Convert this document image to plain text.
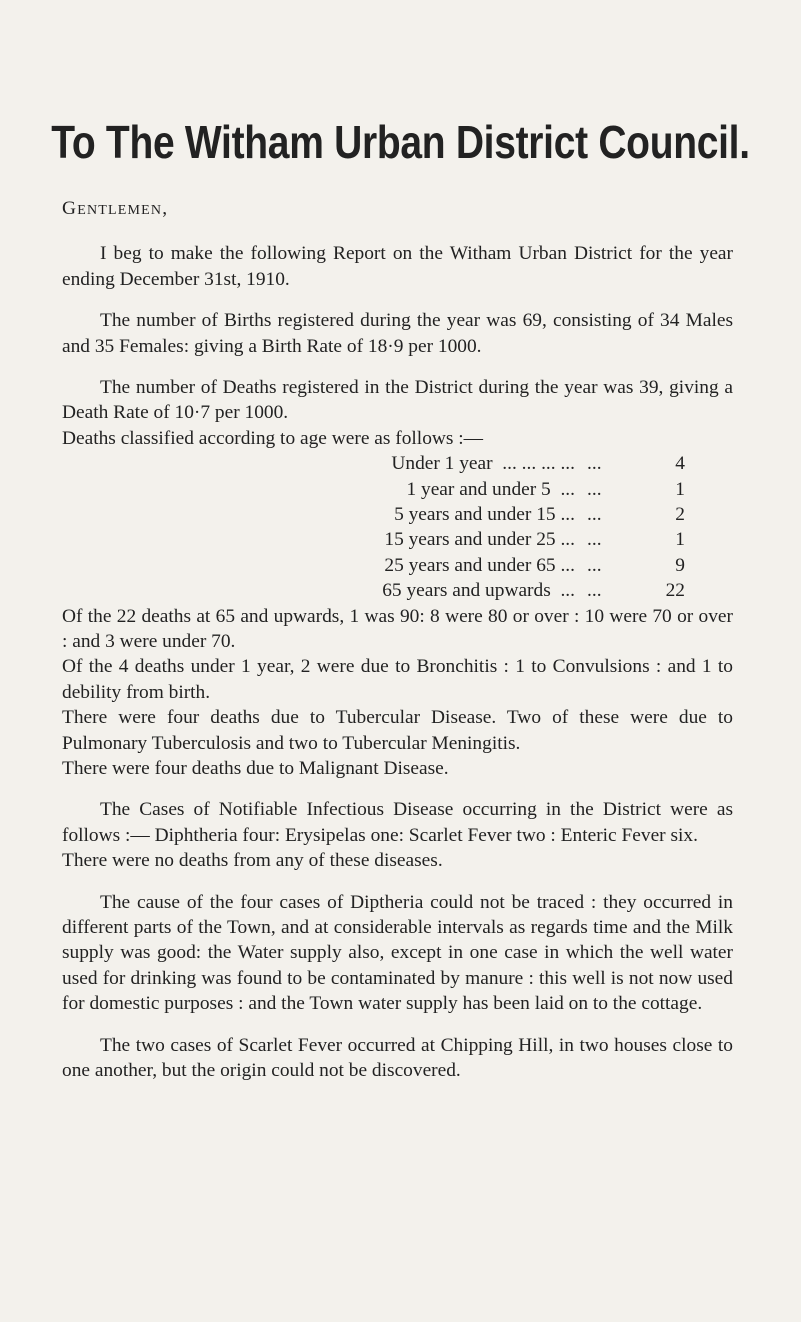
To The Witham Urban District Council.

Gentlemen,

I beg to make the following Report on the Witham Urban District for the year ending December 31st, 1910.

The number of Births registered during the year was 69, consisting of 34 Males and 35 Females: giving a Birth Rate of 18·9 per 1000.

The number of Deaths registered in the District during the year was 39, giving a Death Rate of 10·7 per 1000.

Deaths classified according to age were as follows :—

Under 1 year  ... ... ... ... ...	4
1 year and under 5  ... ...	1
5 years and under 15 ... ...	2
15 years and under 25 ... ...	1
25 years and under 65 ... ...	9
65 years and upwards  ... ...	22

Of the 22 deaths at 65 and upwards, 1 was 90: 8 were 80 or over : 10 were 70 or over : and 3 were under 70.

Of the 4 deaths under 1 year, 2 were due to Bronchitis : 1 to Convulsions : and 1 to debility from birth.

There were four deaths due to Tubercular Disease. Two of these were due to Pulmonary Tuberculosis and two to Tubercular Meningitis.

There were four deaths due to Malignant Disease.

The Cases of Notifiable Infectious Disease occurring in the District were as follows :— Diphtheria four: Erysipelas one: Scarlet Fever two : Enteric Fever six.

There were no deaths from any of these diseases.

The cause of the four cases of Diptheria could not be traced : they occurred in different parts of the Town, and at considerable intervals as regards time and the Milk supply was good: the Water supply also, except in one case in which the well water used for drinking was found to be contaminated by manure : this well is not now used for domestic purposes : and the Town water supply has been laid on to the cottage.

The two cases of Scarlet Fever occurred at Chipping Hill, in two houses close to one another, but the origin could not be discovered.
